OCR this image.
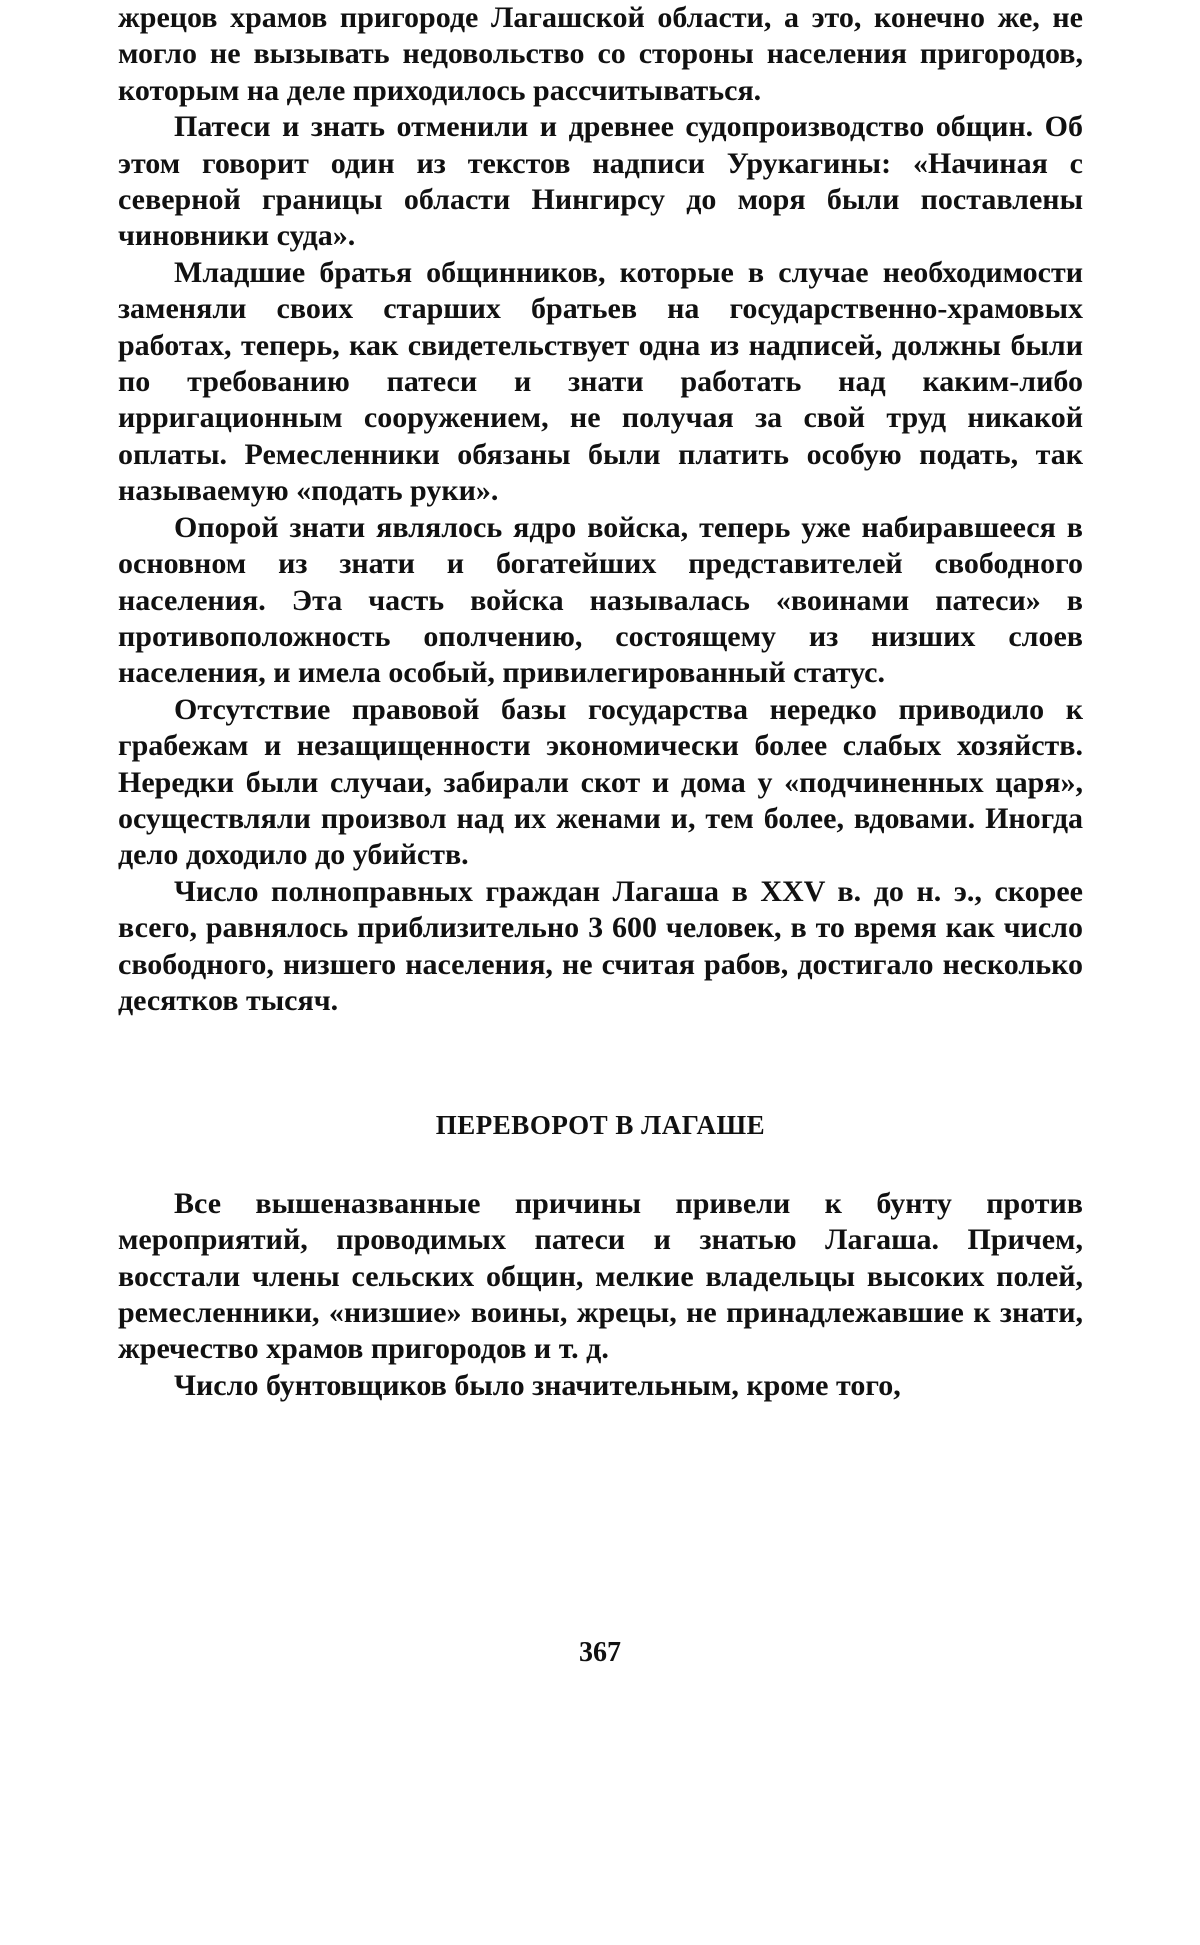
жрецов храмов пригороде Лагашской области, а это, конечно же, не могло не вызывать недовольство со стороны населения пригородов, которым на деле приходилось рассчитываться.

Патеси и знать отменили и древнее судопроизводство общин. Об этом говорит один из текстов надписи Урукагины: «Начиная с северной границы области Нингирсу до моря были поставлены чиновники суда».

Младшие братья общинников, которые в случае необходимости заменяли своих старших братьев на государственно-храмовых работах, теперь, как свидетельствует одна из надписей, должны были по требованию патеси и знати работать над каким-либо ирригационным сооружением, не получая за свой труд никакой оплаты. Ремесленники обязаны были платить особую подать, так называемую «подать руки».

Опорой знати являлось ядро войска, теперь уже набиравшееся в основном из знати и богатейших представителей свободного населения. Эта часть войска называлась «воинами патеси» в противоположность ополчению, состоящему из низших слоев населения, и имела особый, привилегированный статус.

Отсутствие правовой базы государства нередко приводило к грабежам и незащищенности экономически более слабых хозяйств. Нередки были случаи, забирали скот и дома у «подчиненных царя», осуществляли произвол над их женами и, тем более, вдовами. Иногда дело доходило до убийств.

Число полноправных граждан Лагаша в XXV в. до н. э., скорее всего, равнялось приблизительно 3 600 человек, в то время как число свободного, низшего населения, не считая рабов, достигало несколько десятков тысяч.

ПЕРЕВОРОТ В ЛАГАШЕ

Все вышеназванные причины привели к бунту против мероприятий, проводимых патеси и знатью Лагаша. Причем, восстали члены сельских общин, мелкие владельцы высоких полей, ремесленники, «низшие» воины, жрецы, не принадлежавшие к знати, жречество храмов пригородов и т. д.

Число бунтовщиков было значительным, кроме того,

367
